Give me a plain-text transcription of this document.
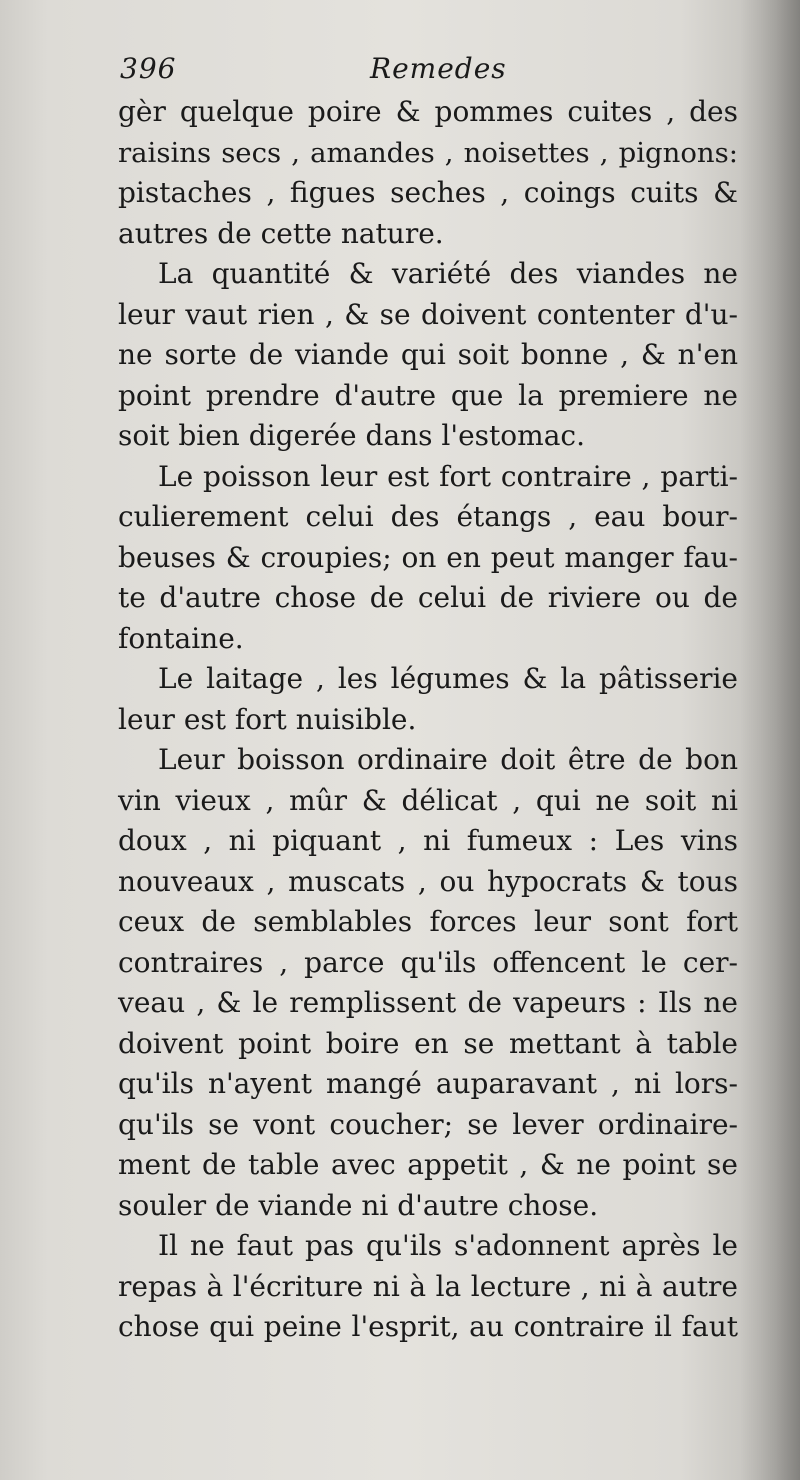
396	Remedes
gèr quelque poire & pommes cuites , des
raisins secs , amandes , noisettes , pignons:
pistaches , figues seches , coings cuits &
autres de cette nature.
La quantité & variété des viandes ne
leur vaut rien , & se doivent contenter d'u-
ne sorte de viande qui soit bonne , & n'en
point prendre d'autre que la premiere ne
soit bien digerée dans l'estomac.
Le poisson leur est fort contraire , parti-
culierement celui des étangs , eau bour-
beuses & croupies; on en peut manger fau-
te d'autre chose de celui de riviere ou de
fontaine.
Le laitage , les légumes & la pâtisserie
leur est fort nuisible.
Leur boisson ordinaire doit être de bon
vin vieux , mûr & délicat , qui ne soit ni
doux , ni piquant , ni fumeux : Les vins
nouveaux , muscats , ou hypocrats & tous
ceux de semblables forces leur sont fort
contraires , parce qu'ils offencent le cer-
veau , & le remplissent de vapeurs : Ils ne
doivent point boire en se mettant à table
qu'ils n'ayent mangé auparavant , ni lors-
qu'ils se vont coucher; se lever ordinaire-
ment de table avec appetit , & ne point se
souler de viande ni d'autre chose.
Il ne faut pas qu'ils s'adonnent après le
repas à l'écriture ni à la lecture , ni à autre
chose qui peine l'esprit, au contraire il faut
